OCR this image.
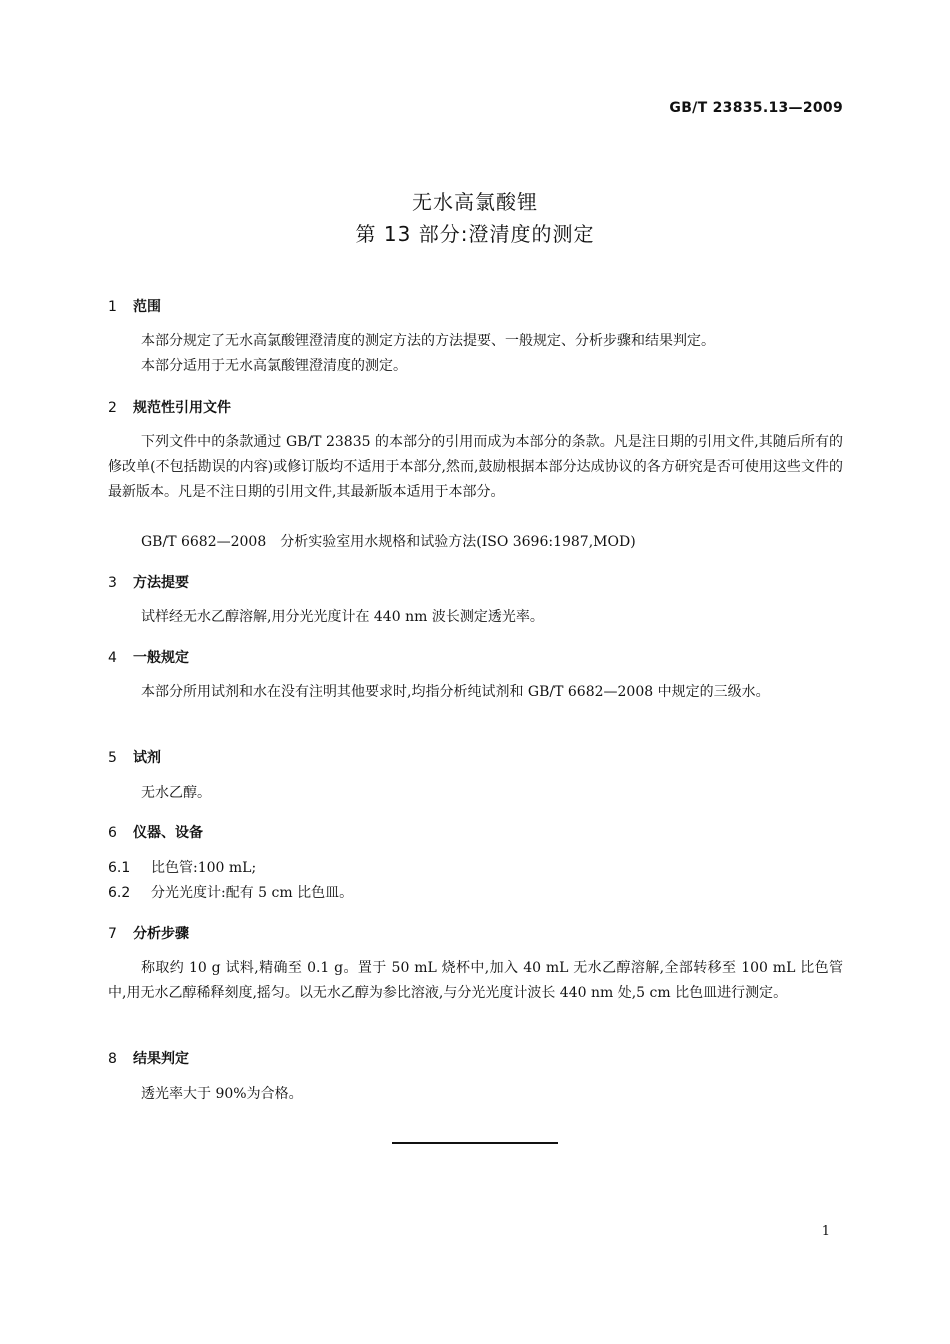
GB/T 23835.13—2009
无水高氯酸锂
第 13 部分:澄清度的测定
1 范围
本部分规定了无水高氯酸锂澄清度的测定方法的方法提要、一般规定、分析步骤和结果判定。
本部分适用于无水高氯酸锂澄清度的测定。
2 规范性引用文件
下列文件中的条款通过 GB/T 23835 的本部分的引用而成为本部分的条款。凡是注日期的引用文件,其随后所有的修改单(不包括勘误的内容)或修订版均不适用于本部分,然而,鼓励根据本部分达成协议的各方研究是否可使用这些文件的最新版本。凡是不注日期的引用文件,其最新版本适用于本部分。
GB/T 6682—2008　分析实验室用水规格和试验方法(ISO 3696:1987,MOD)
3 方法提要
试样经无水乙醇溶解,用分光光度计在 440 nm 波长测定透光率。
4 一般规定
本部分所用试剂和水在没有注明其他要求时,均指分析纯试剂和 GB/T 6682—2008 中规定的三级水。
5 试剂
无水乙醇。
6 仪器、设备
6.1 比色管:100 mL;
6.2 分光光度计:配有 5 cm 比色皿。
7 分析步骤
称取约 10 g 试料,精确至 0.1 g。置于 50 mL 烧杯中,加入 40 mL 无水乙醇溶解,全部转移至 100 mL 比色管中,用无水乙醇稀释刻度,摇匀。以无水乙醇为参比溶液,与分光光度计波长 440 nm 处,5 cm 比色皿进行测定。
8 结果判定
透光率大于 90%为合格。
1
